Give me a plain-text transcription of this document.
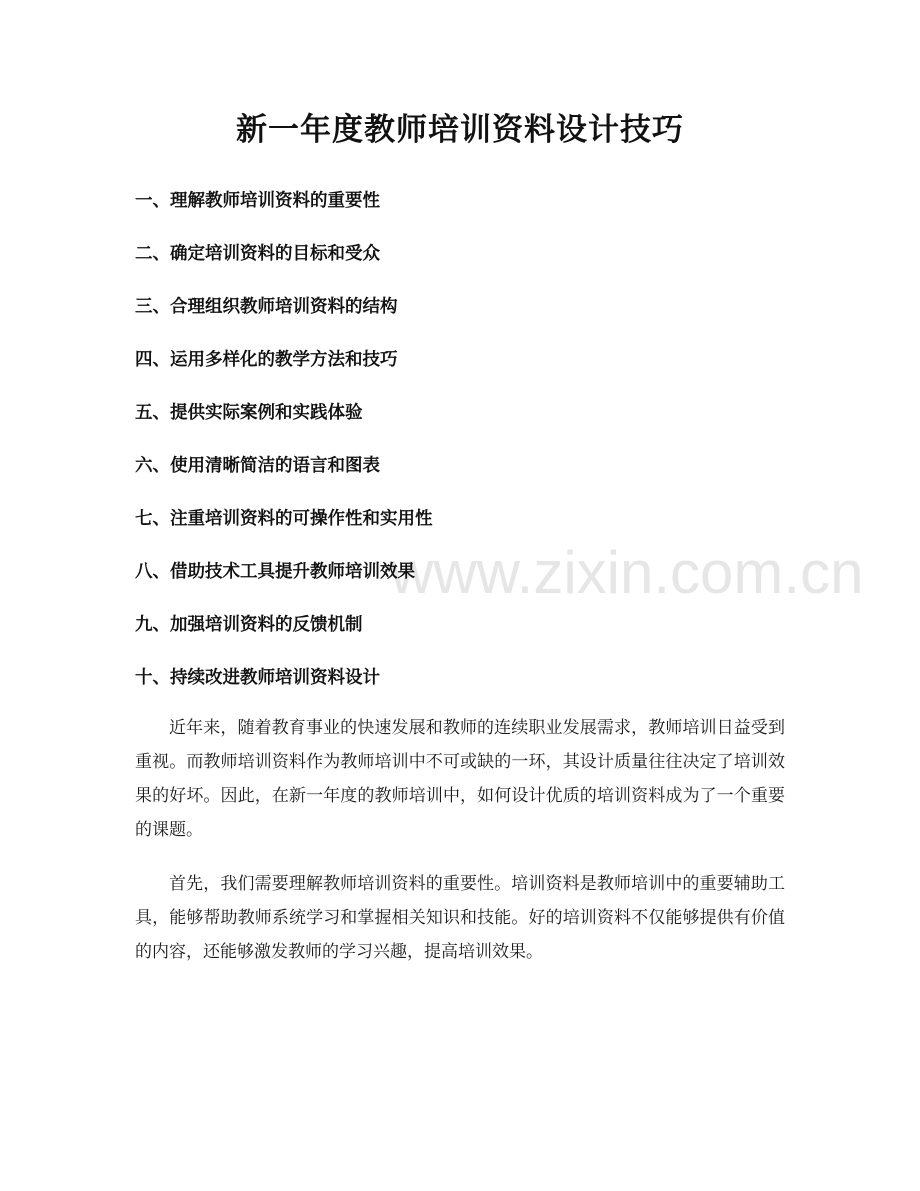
www.zixin.com.cn
新一年度教师培训资料设计技巧
一、理解教师培训资料的重要性
二、确定培训资料的目标和受众
三、合理组织教师培训资料的结构
四、运用多样化的教学方法和技巧
五、提供实际案例和实践体验
六、使用清晰简洁的语言和图表
七、注重培训资料的可操作性和实用性
八、借助技术工具提升教师培训效果
九、加强培训资料的反馈机制
十、持续改进教师培训资料设计

近年来，随着教育事业的快速发展和教师的连续职业发展需求，教师培训日益受到重视。而教师培训资料作为教师培训中不可或缺的一环，其设计质量往往决定了培训效果的好坏。因此，在新一年度的教师培训中，如何设计优质的培训资料成为了一个重要的课题。

首先，我们需要理解教师培训资料的重要性。培训资料是教师培训中的重要辅助工具，能够帮助教师系统学习和掌握相关知识和技能。好的培训资料不仅能够提供有价值的内容，还能够激发教师的学习兴趣，提高培训效果。
